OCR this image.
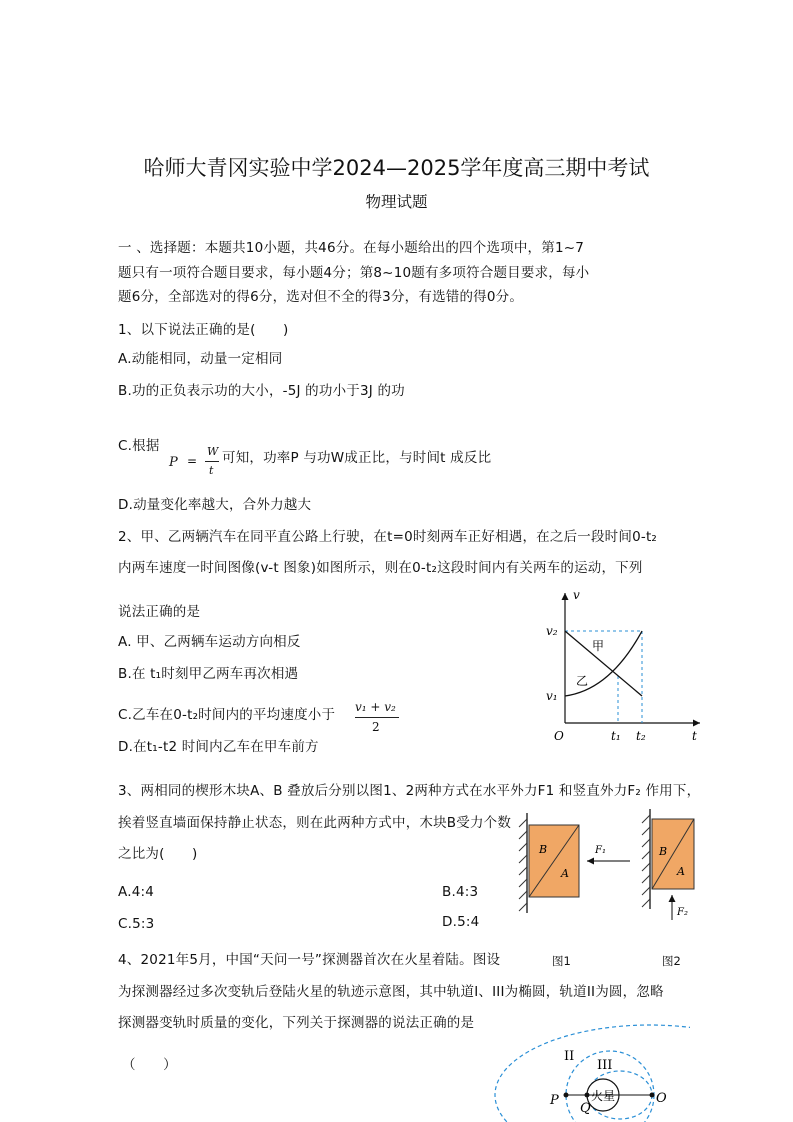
哈师大青冈实验中学2024—2025学年度高三期中考试
物理试题
一 、选择题：本题共10小题，共46分。在每小题给出的四个选项中，第1~7
题只有一项符合题目要求，每小题4分；第8~10题有多项符合题目要求，每小
题6分，全部选对的得6分，选对但不全的得3分，有选错的得0分。
1、以下说法正确的是(　　)
A.动能相同，动量一定相同
B.功的正负表示功的大小，-5J 的功小于3J 的功
C.根据
P =
W
t
可知，功率P 与功W成正比，与时间t 成反比
D.动量变化率越大，合外力越大
2、甲、乙两辆汽车在同平直公路上行驶，在t=0时刻两车正好相遇，在之后一段时间0-t₂
内两车速度一时间图像(v-t 图象)如图所示，则在0-t₂这段时间内有关两车的运动，下列
说法正确的是
A. 甲、乙两辆车运动方向相反
B.在 t₁时刻甲乙两车再次相遇
C.乙车在0-t₂时间内的平均速度小于 v₁ + v₂
2
D.在t₁-t2 时间内乙车在甲车前方
v
t
O
v₂
v₁
t₁ t₂
甲
乙
3、两相同的楔形木块A、B 叠放后分别以图1、2两种方式在水平外力F1 和竖直外力F₂ 作用下，
挨着竖直墙面保持静止状态，则在此两种方式中，木块B受力个数
之比为(　　)
A.4:4	B.4:3
C.5:3	D.5:4
B
A
F₁	B
A
F₂
图1	图2
4、2021年5月，中国“天问一号”探测器首次在火星着陆。图设
为探测器经过多次变轨后登陆火星的轨迹示意图，其中轨道I、III为椭圆，轨道II为圆，忽略
探测器变轨时质量的变化，下列关于探测器的说法正确的是
（　　）
II
III
P
Q
火星	O
